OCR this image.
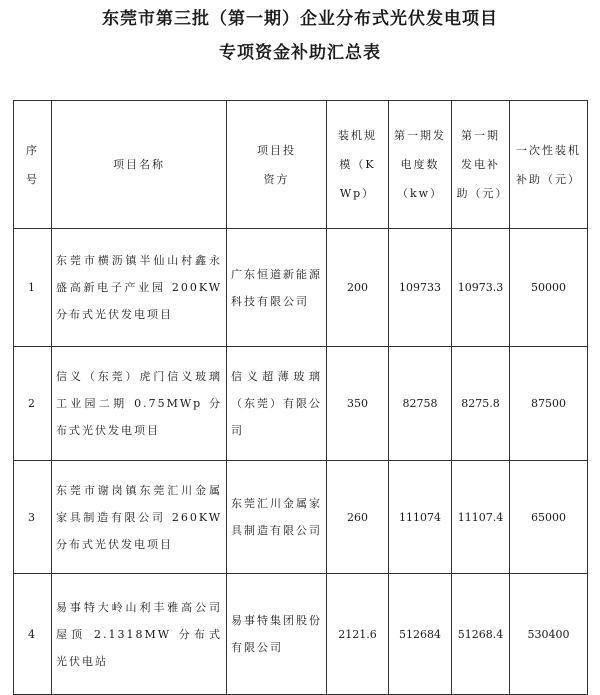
东莞市第三批（第一期）企业分布式光伏发电项目
专项资金补助汇总表
序号	项目名称	项目投资方	装机规模（KWp）	第一期发电度数（kw）	第一期发电补助（元）	一次性装机补助（元）

1	东莞市横沥镇半仙山村鑫永盛高新电子产业园 200KW 分布式光伏发电项目	广东恒道新能源科技有限公司	200	109733	10973.3	50000
2	信义（东莞）虎门信义玻璃工业园二期 0.75MWp 分布式光伏发电项目	信义超薄玻璃（东莞）有限公司	350	82758	8275.8	87500
3	东莞市谢岗镇东莞汇川金属家具制造有限公司 260KW 分布式光伏发电项目	东莞汇川金属家具制造有限公司	260	111074	11107.4	65000
4	易事特大岭山利丰雅高公司屋顶 2.1318MW 分布式光伏电站	易事特集团股份有限公司	2121.6	512684	51268.4	530400
